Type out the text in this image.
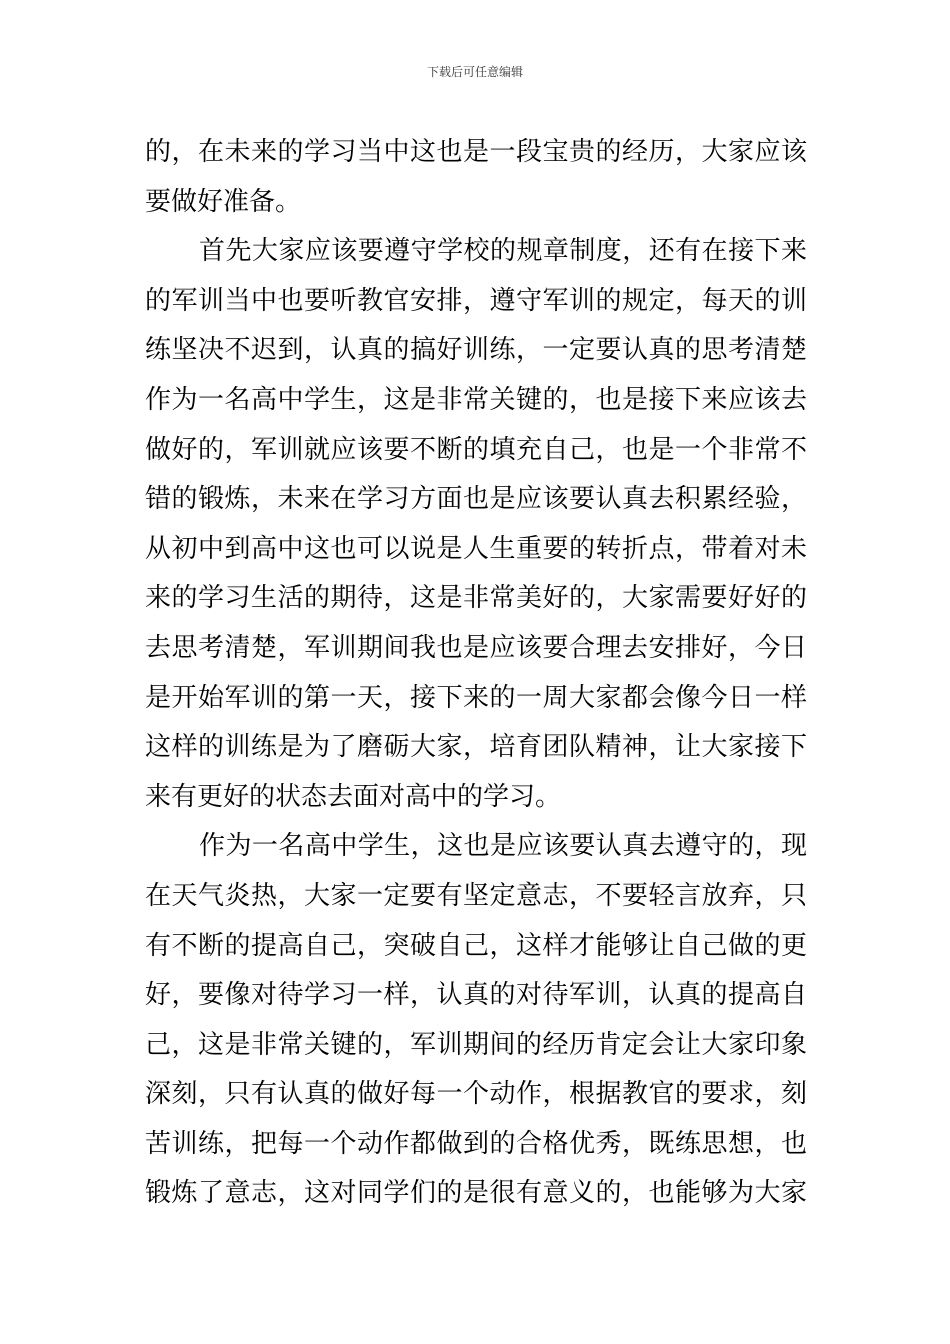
下载后可任意编辑
的，在未来的学习当中这也是一段宝贵的经历，大家应该
要做好准备。
首先大家应该要遵守学校的规章制度，还有在接下来
的军训当中也要听教官安排，遵守军训的规定，每天的训
练坚决不迟到，认真的搞好训练，一定要认真的思考清楚
作为一名高中学生，这是非常关键的，也是接下来应该去
做好的，军训就应该要不断的填充自己，也是一个非常不
错的锻炼，未来在学习方面也是应该要认真去积累经验，
从初中到高中这也可以说是人生重要的转折点，带着对未
来的学习生活的期待，这是非常美好的，大家需要好好的
去思考清楚，军训期间我也是应该要合理去安排好，今日
是开始军训的第一天，接下来的一周大家都会像今日一样
这样的训练是为了磨砺大家，培育团队精神，让大家接下
来有更好的状态去面对高中的学习。
作为一名高中学生，这也是应该要认真去遵守的，现
在天气炎热，大家一定要有坚定意志，不要轻言放弃，只
有不断的提高自己，突破自己，这样才能够让自己做的更
好，要像对待学习一样，认真的对待军训，认真的提高自
己，这是非常关键的，军训期间的经历肯定会让大家印象
深刻，只有认真的做好每一个动作，根据教官的要求，刻
苦训练，把每一个动作都做到的合格优秀，既练思想，也
锻炼了意志，这对同学们的是很有意义的，也能够为大家
